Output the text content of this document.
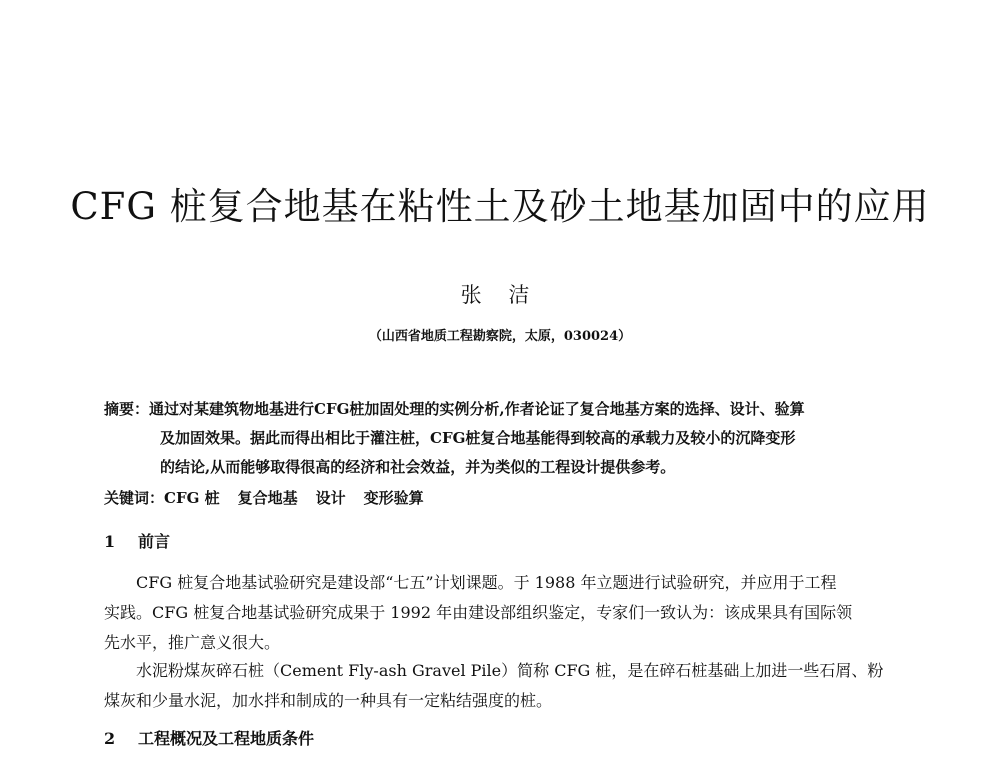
CFG 桩复合地基在粘性土及砂土地基加固中的应用
张 洁
（山西省地质工程勘察院，太原，030024）
摘要：通过对某建筑物地基进行CFG桩加固处理的实例分析,作者论证了复合地基方案的选择、设计、验算
及加固效果。据此而得出相比于灌注桩，CFG桩复合地基能得到较高的承载力及较小的沉降变形
的结论,从而能够取得很高的经济和社会效益，并为类似的工程设计提供参考。
关键词：CFG 桩 复合地基 设计 变形验算
1 前言
CFG 桩复合地基试验研究是建设部“七五”计划课题。于 1988 年立题进行试验研究，并应用于工程
实践。CFG 桩复合地基试验研究成果于 1992 年由建设部组织鉴定，专家们一致认为：该成果具有国际领
先水平，推广意义很大。
水泥粉煤灰碎石桩（Cement Fly-ash Gravel Pile）简称 CFG 桩，是在碎石桩基础上加进一些石屑、粉
煤灰和少量水泥，加水拌和制成的一种具有一定粘结强度的桩。
2 工程概况及工程地质条件
